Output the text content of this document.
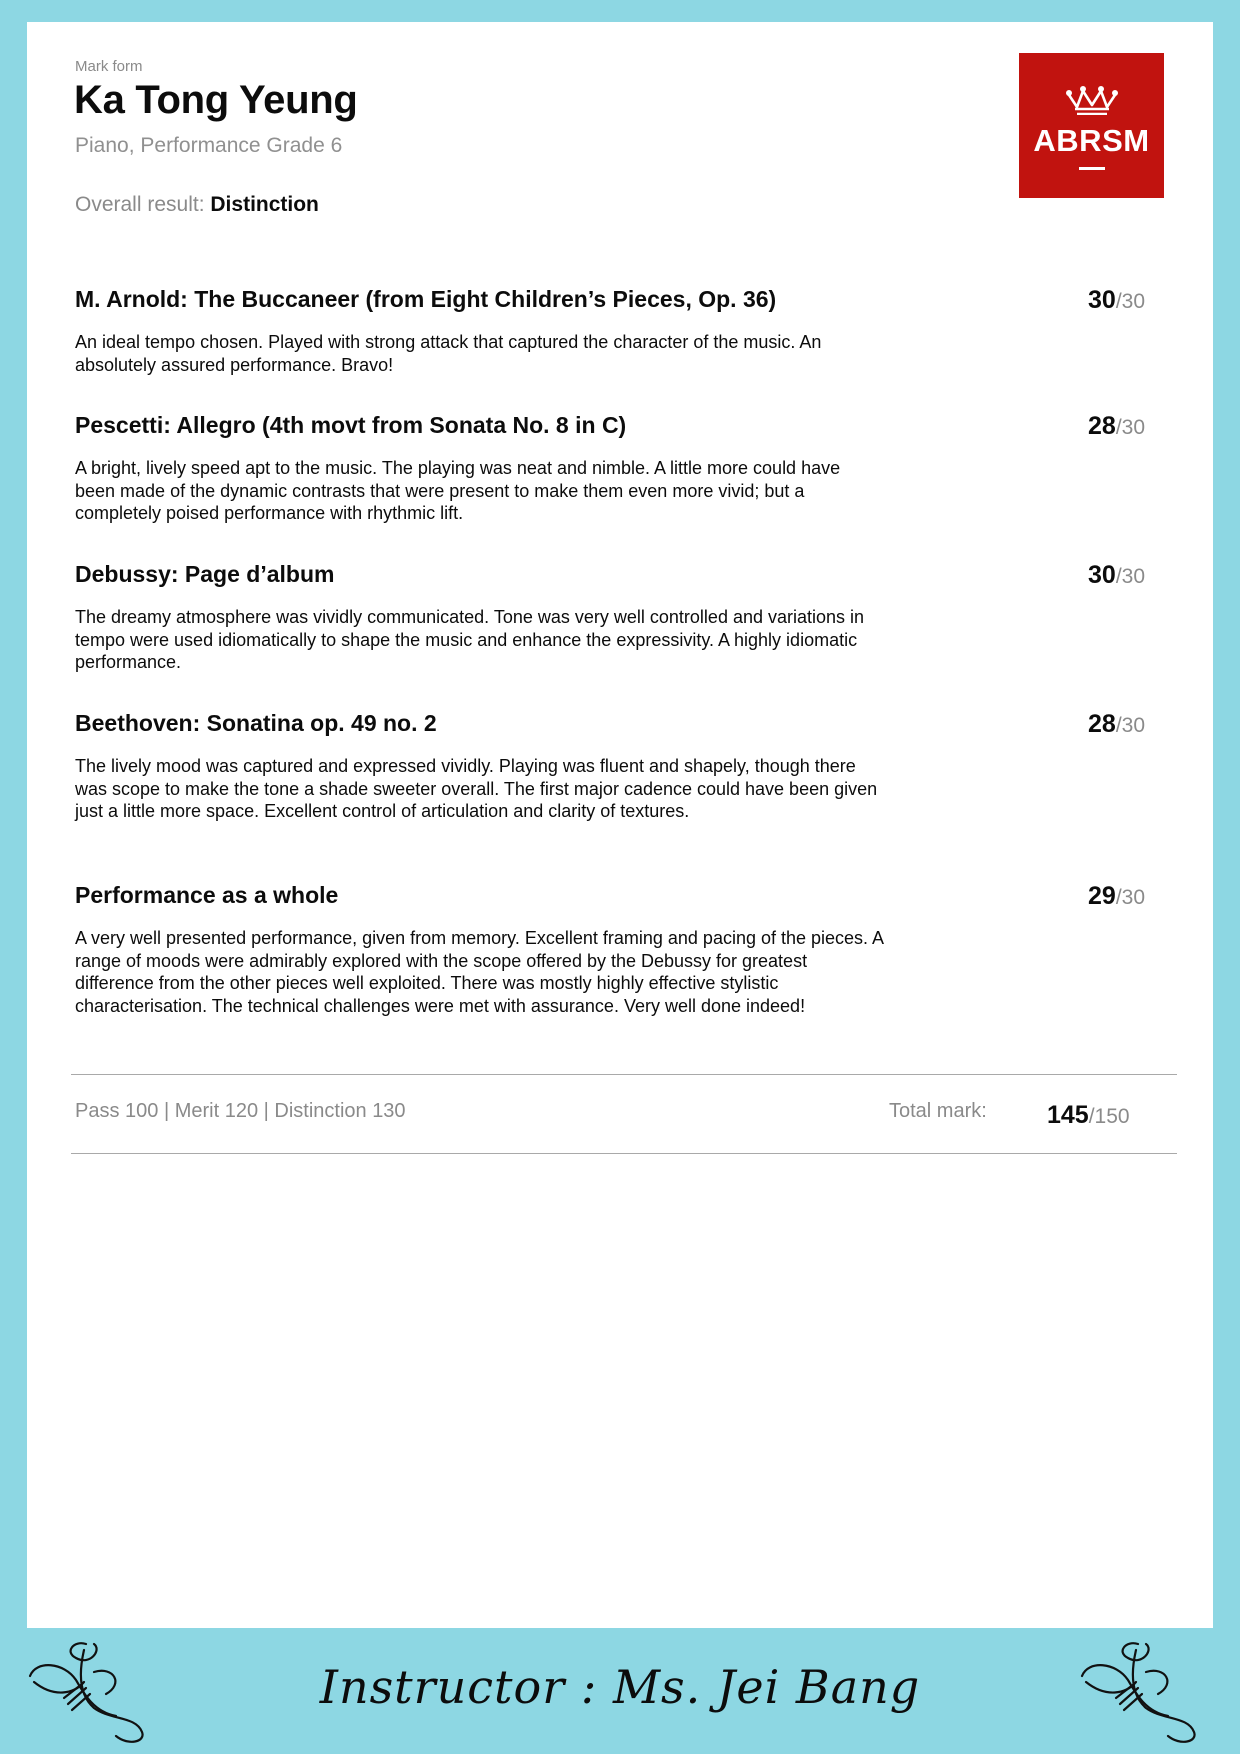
Mark form
Ka Tong Yeung
Piano, Performance Grade 6
Overall result: Distinction
ABRSM
M. Arnold: The Buccaneer (from Eight Children’s Pieces, Op. 36)	30/30
An ideal tempo chosen. Played with strong attack that captured the character of the music. An absolutely assured performance. Bravo!
Pescetti: Allegro (4th movt from Sonata No. 8 in C)	28/30
A bright, lively speed apt to the music. The playing was neat and nimble. A little more could have been made of the dynamic contrasts that were present to make them even more vivid; but a completely poised performance with rhythmic lift.
Debussy: Page d’album	30/30
The dreamy atmosphere was vividly communicated. Tone was very well controlled and variations in tempo were used idiomatically to shape the music and enhance the expressivity. A highly idiomatic performance.
Beethoven: Sonatina op. 49 no. 2	28/30
The lively mood was captured and expressed vividly. Playing was fluent and shapely, though there was scope to make the tone a shade sweeter overall. The first major cadence could have been given just a little more space. Excellent control of articulation and clarity of textures.
Performance as a whole	29/30
A very well presented performance, given from memory. Excellent framing and pacing of the pieces. A range of moods were admirably explored with the scope offered by the Debussy for greatest difference from the other pieces well exploited. There was mostly highly effective stylistic characterisation. The technical challenges were met with assurance. Very well done indeed!
Pass 100 | Merit 120 | Distinction 130	Total mark: 145/150
Instructor : Ms. Jei Bang
